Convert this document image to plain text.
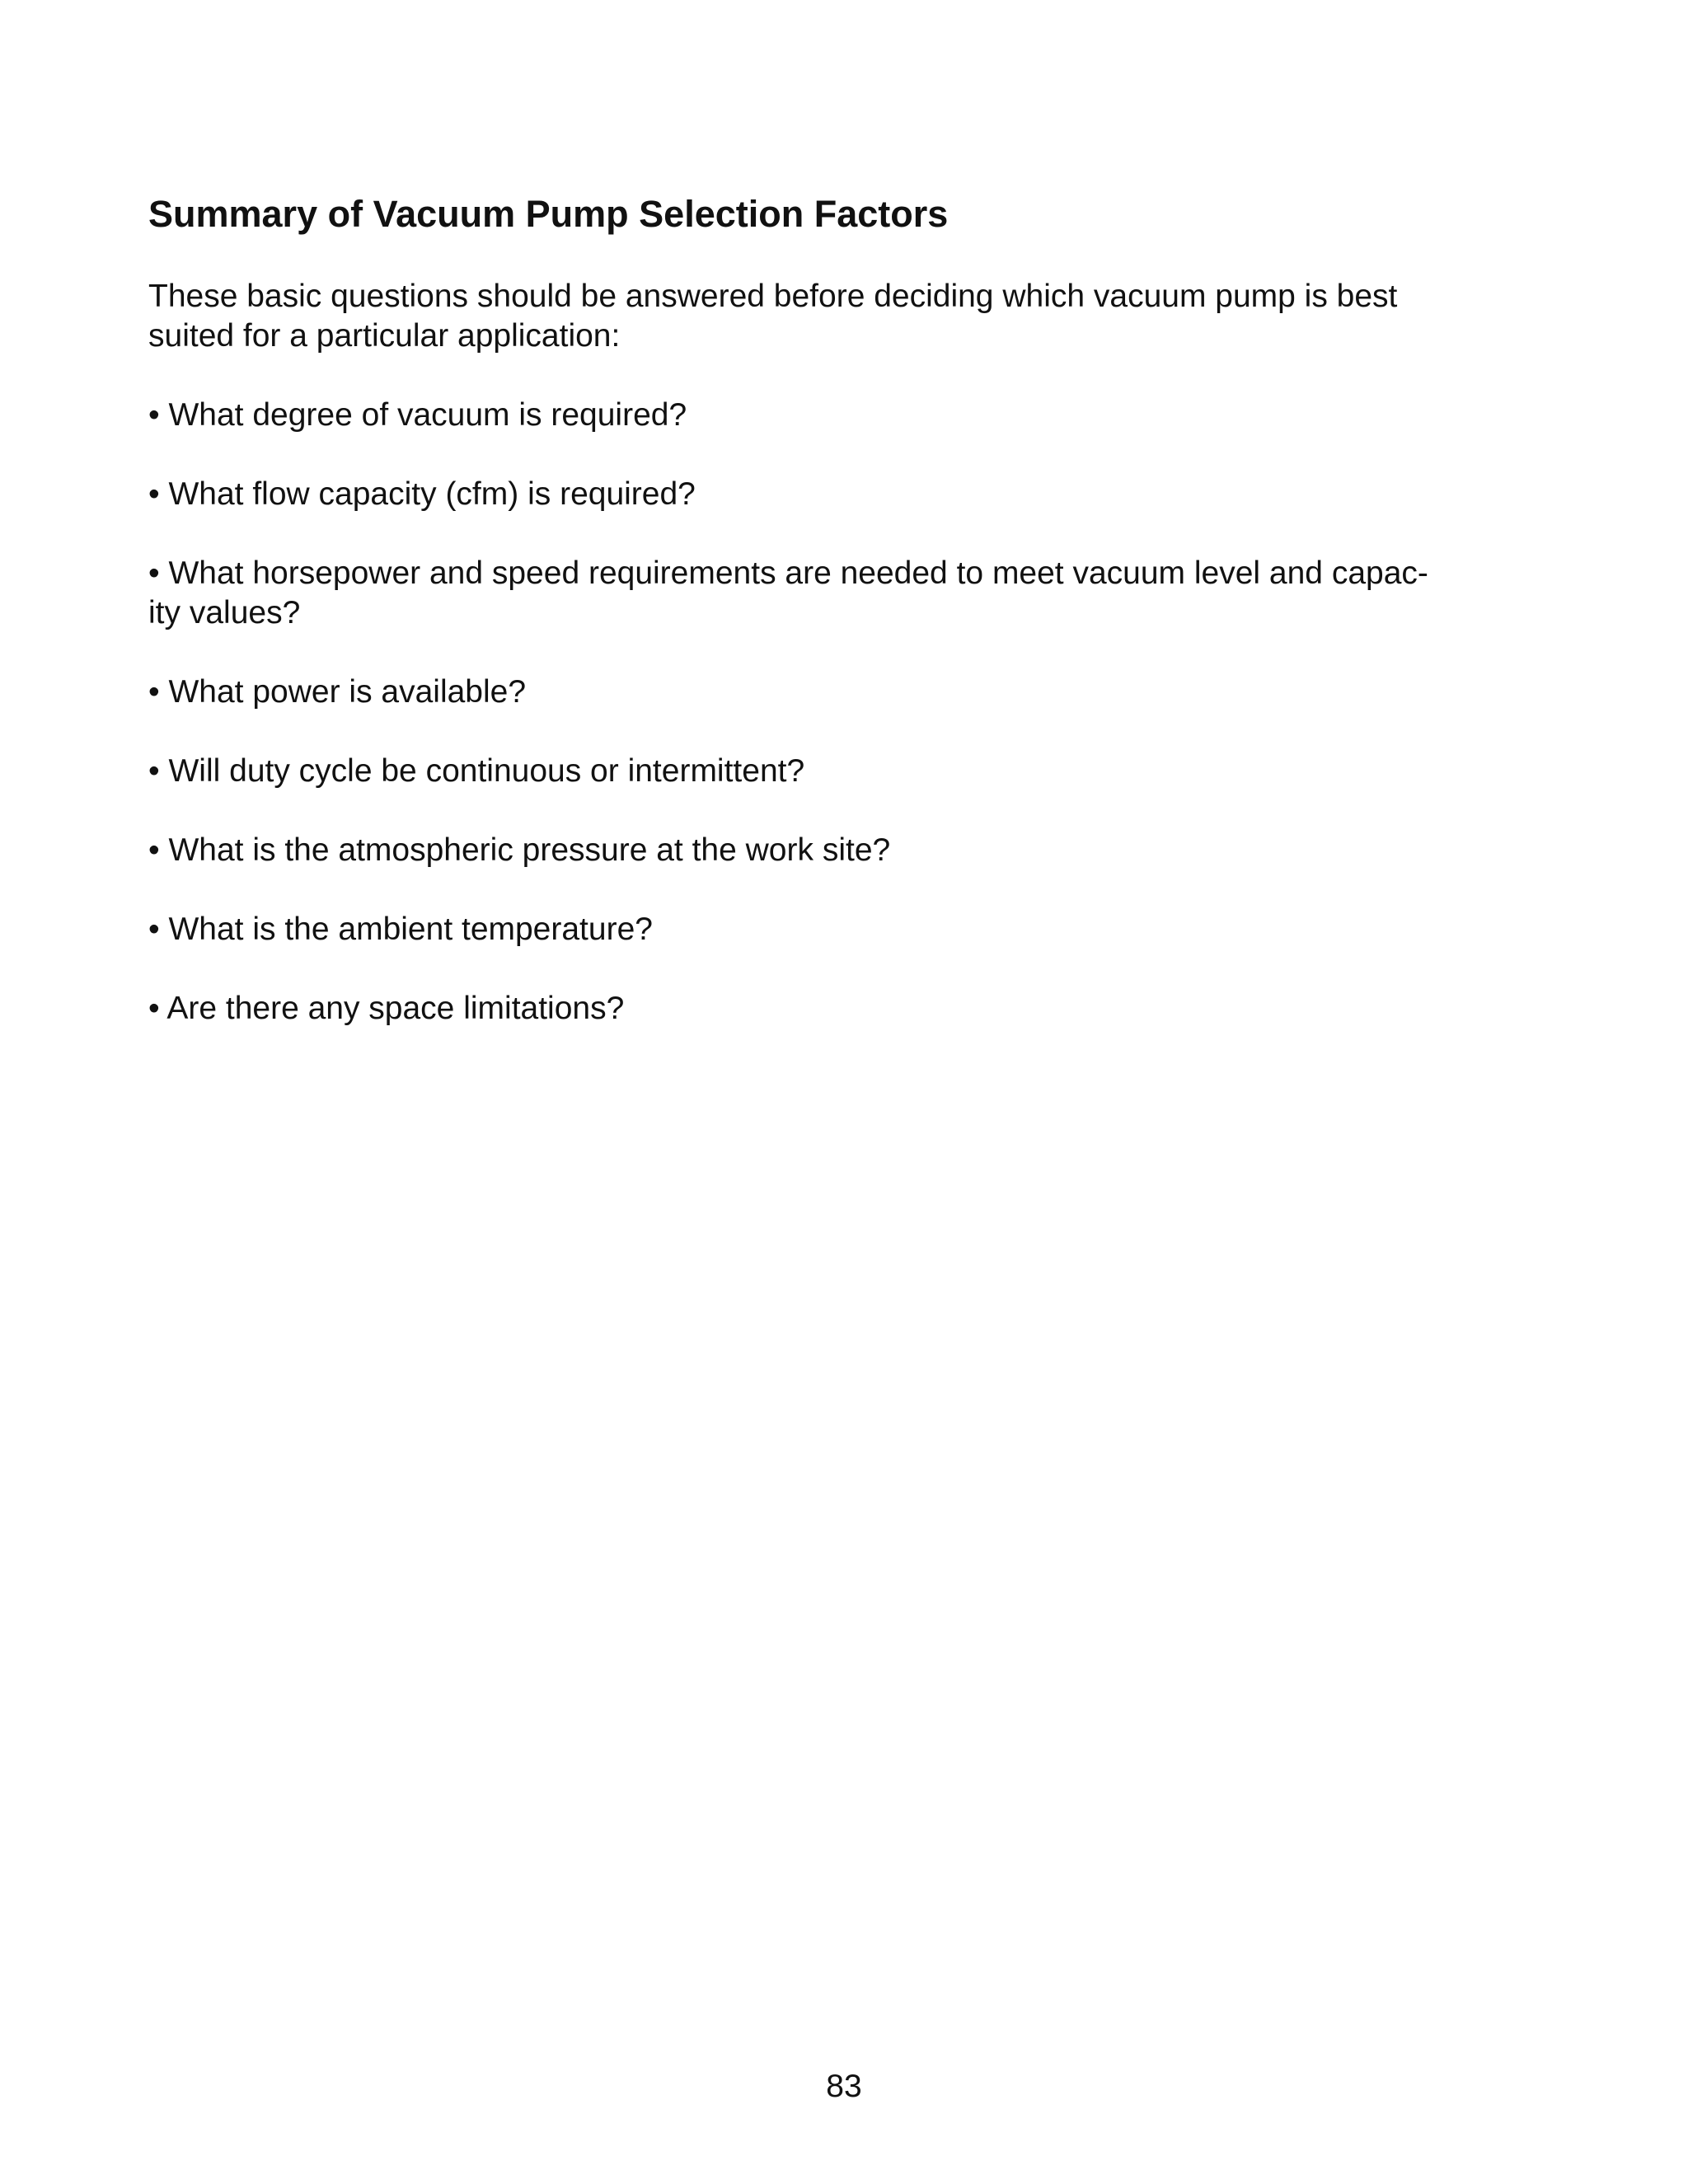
Summary of Vacuum Pump Selection Factors

These basic questions should be answered before deciding which vacuum pump is best suited for a particular application:

• What degree of vacuum is required?
• What flow capacity (cfm) is required?
• What horsepower and speed requirements are needed to meet vacuum level and capac-
ity values?
• What power is available?
• Will duty cycle be continuous or intermittent?
• What is the atmospheric pressure at the work site?
• What is the ambient temperature?
• Are there any space limitations?
83
